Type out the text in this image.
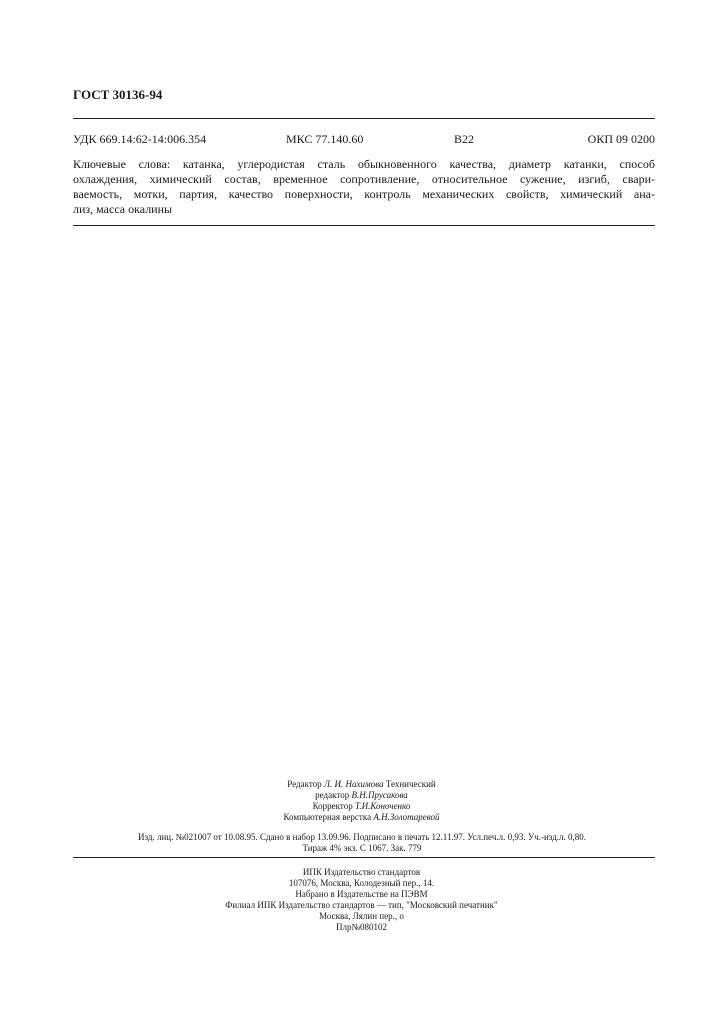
ГОСТ 30136-94
УДК 669.14:62-14:006.354	МКС 77.140.60	В22	ОКП 09 0200
Ключевые слова: катанка, углеродистая сталь обыкновенного качества, диаметр катанки, способ
охлаждения, химический состав, временное сопротивление, относительное сужение, изгиб, свари-
ваемость, мотки, партия, качество поверхности, контроль механических свойств, химический ана-
лиз, масса окалины
Редактор Л. И. Нахимова Технический
редактор В.Н.Прусакова
Корректор Т.И.Коноченко
Компьютерная верстка А.Н.Золотаревой
Изд. лиц. №021007 от 10.08.95. Сдано в набор 13.09.96. Подписано в печать 12.11.97. Усл.печ.л. 0,93. Уч.-изд.л. 0,80.
Тираж 4% экз. С 1067. Зак. 779
ИПК Издательство стандартов
107076, Москва, Колодезный пер., 14.
Набрано в Издательстве на ПЭВМ
Филиал ИПК Издательство стандартов — тип, "Московский печатник"
Москва, Лялин пер., о
Плр№080102
